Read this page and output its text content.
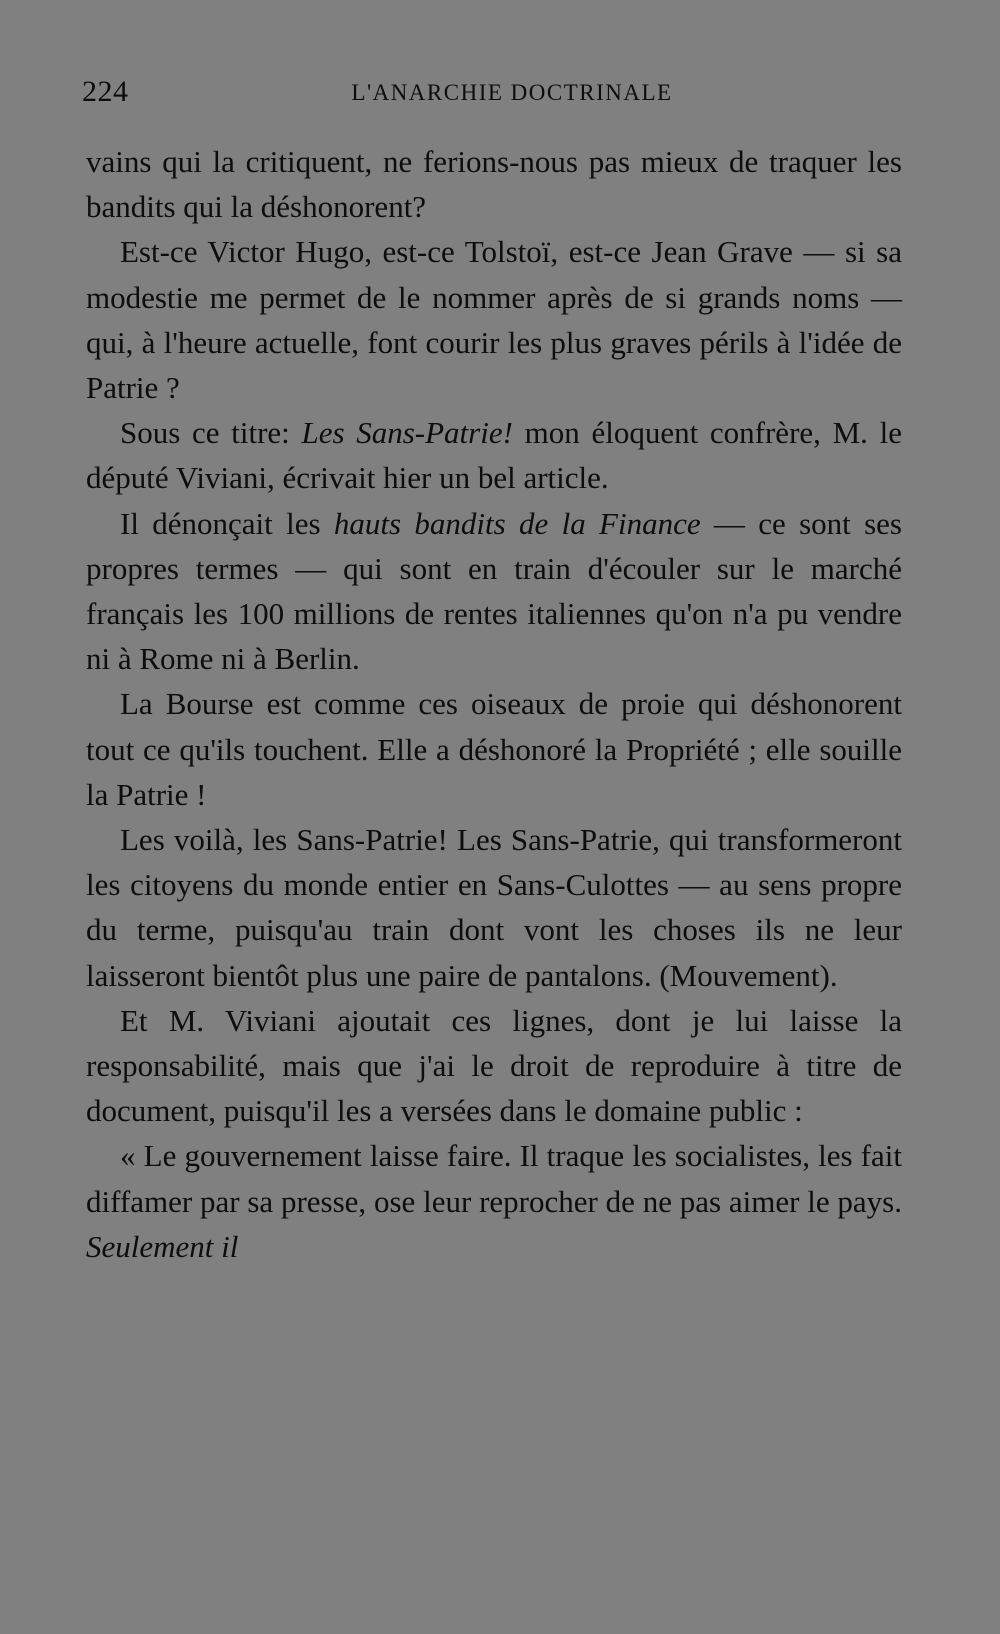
224	L'ANARCHIE DOCTRINALE

vains qui la critiquent, ne ferions-nous pas mieux de traquer les bandits qui la déshonorent?

Est-ce Victor Hugo, est-ce Tolstoï, est-ce Jean Grave — si sa modestie me permet de le nommer après de si grands noms — qui, à l'heure actuelle, font courir les plus graves périls à l'idée de Patrie ?

Sous ce titre: Les Sans-Patrie! mon éloquent confrère, M. le député Viviani, écrivait hier un bel article.

Il dénonçait les hauts bandits de la Finance — ce sont ses propres termes — qui sont en train d'écouler sur le marché français les 100 millions de rentes italiennes qu'on n'a pu vendre ni à Rome ni à Berlin.

La Bourse est comme ces oiseaux de proie qui déshonorent tout ce qu'ils touchent. Elle a déshonoré la Propriété ; elle souille la Patrie !

Les voilà, les Sans-Patrie! Les Sans-Patrie, qui transformeront les citoyens du monde entier en Sans-Culottes — au sens propre du terme, puisqu'au train dont vont les choses ils ne leur laisseront bientôt plus une paire de pantalons. (Mouvement).

Et M. Viviani ajoutait ces lignes, dont je lui laisse la responsabilité, mais que j'ai le droit de reproduire à titre de document, puisqu'il les a versées dans le domaine public :

« Le gouvernement laisse faire. Il traque les socialistes, les fait diffamer par sa presse, ose leur reprocher de ne pas aimer le pays. Seulement il
